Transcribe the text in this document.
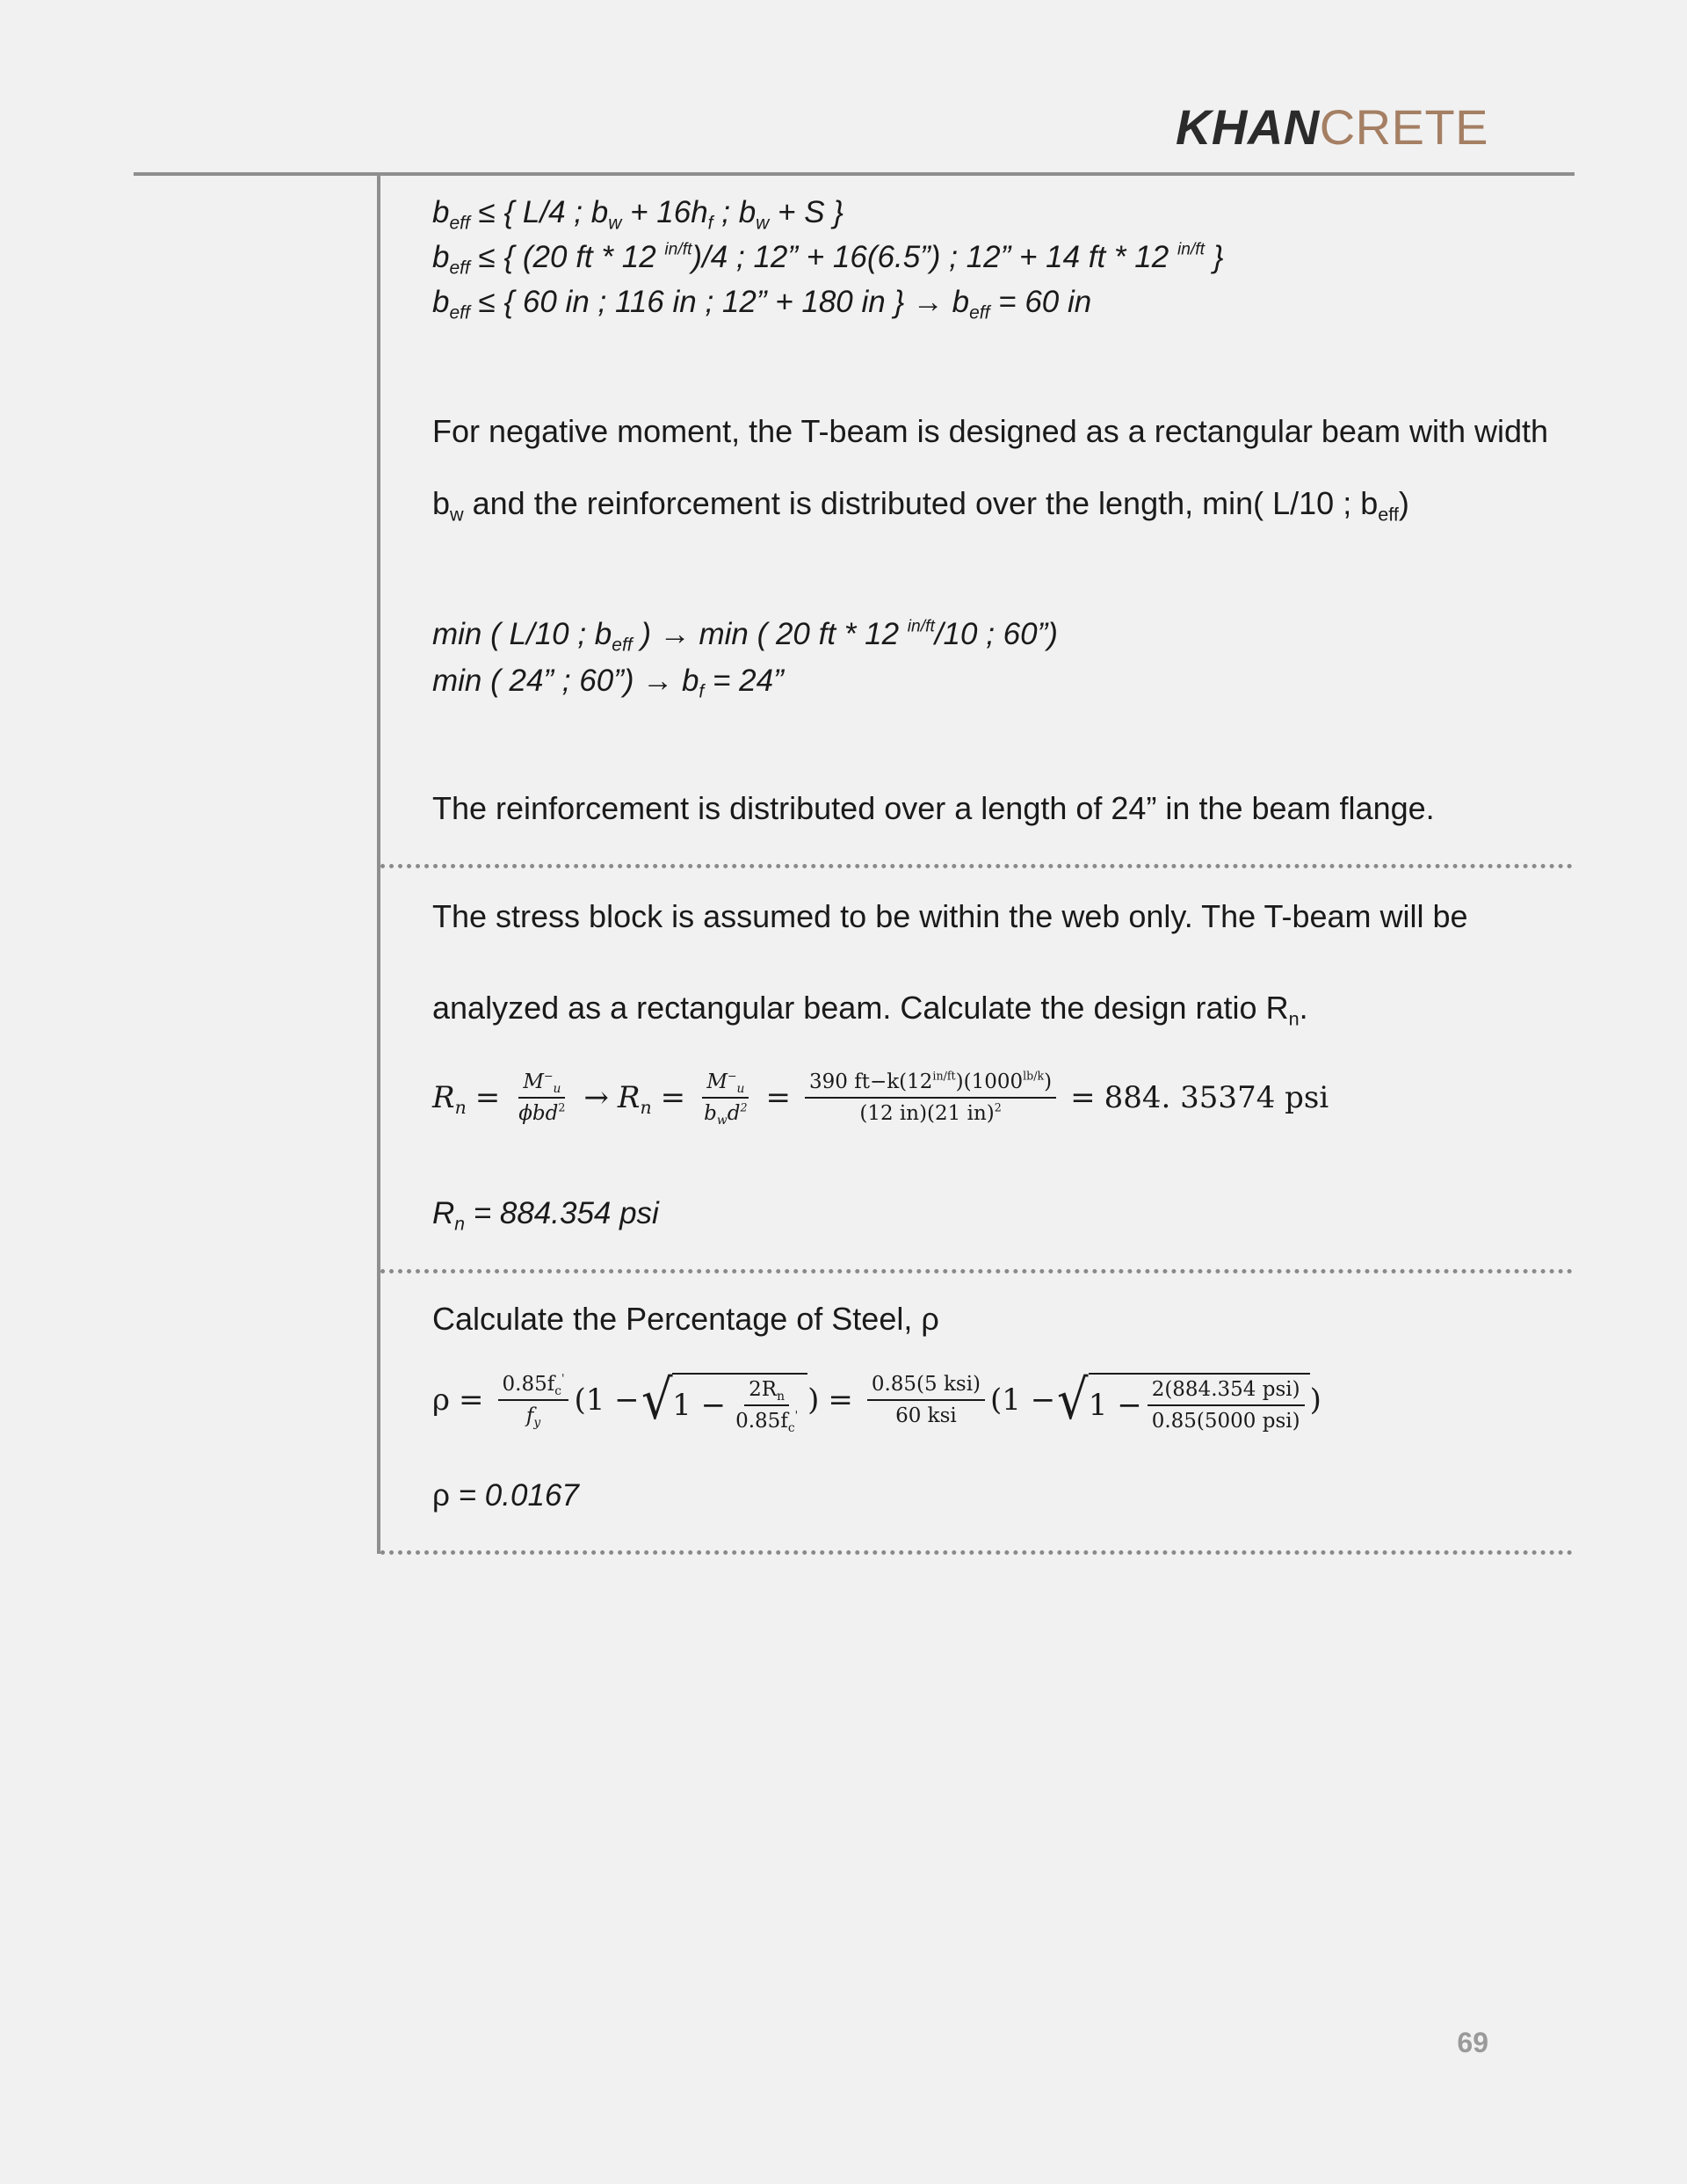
KHANCRETE
$b_{eff}$ ≤ { L/4 ; $b_w + 16h_f$ ; $b_w + S$ }
$b_{eff}$ ≤ { (20 ft * 12 $^{in/ft}$)/4 ; 12” + 16(6.5”) ; 12” + 14 ft * 12 $^{in/ft}$ }
$b_{eff}$ ≤ { 60 in ; 116 in ; 12” + 180 in } → $b_{eff} = 60$ in
For negative moment, the T-beam is designed as a rectangular beam with width
$b_w$ and the reinforcement is distributed over the length, min( L/10 ; $b_{eff}$)
min ( L/10 ; $b_{eff}$ ) → min ( 20 ft * 12 $^{in/ft}$/10 ; 60”)
min ( 24” ; 60”) → $b_f = 24$”
The reinforcement is distributed over a length of 24” in the beam flange.
The stress block is assumed to be within the web only. The T-beam will be
analyzed as a rectangular beam. Calculate the design ratio $R_n$.
$R_n = \frac{M^-_u}{\phi bd^2} \to R_n = \frac{M^-_u}{b_wd^2} = \frac{390 ft-k(12^{in/ft})(1000^{lb/k})}{(12 in)(21 in)^2} = 884$. 35374 psi
$R_n = 884.354$ psi
Calculate the Percentage of Steel, ρ
$\rho = \frac{0.85f_c'}{f_y} (1$ − √ $1 - \frac{2R_n}{0.85f_c'}$ ) = $\frac{\text{0.85(5 ksi)}}{\text{60 ksi}} (1$ − √ $1 - \frac{\text{2(884.354 psi)}}{\text{0.85(5000 psi)}}$ )
ρ = 0.0167
69
